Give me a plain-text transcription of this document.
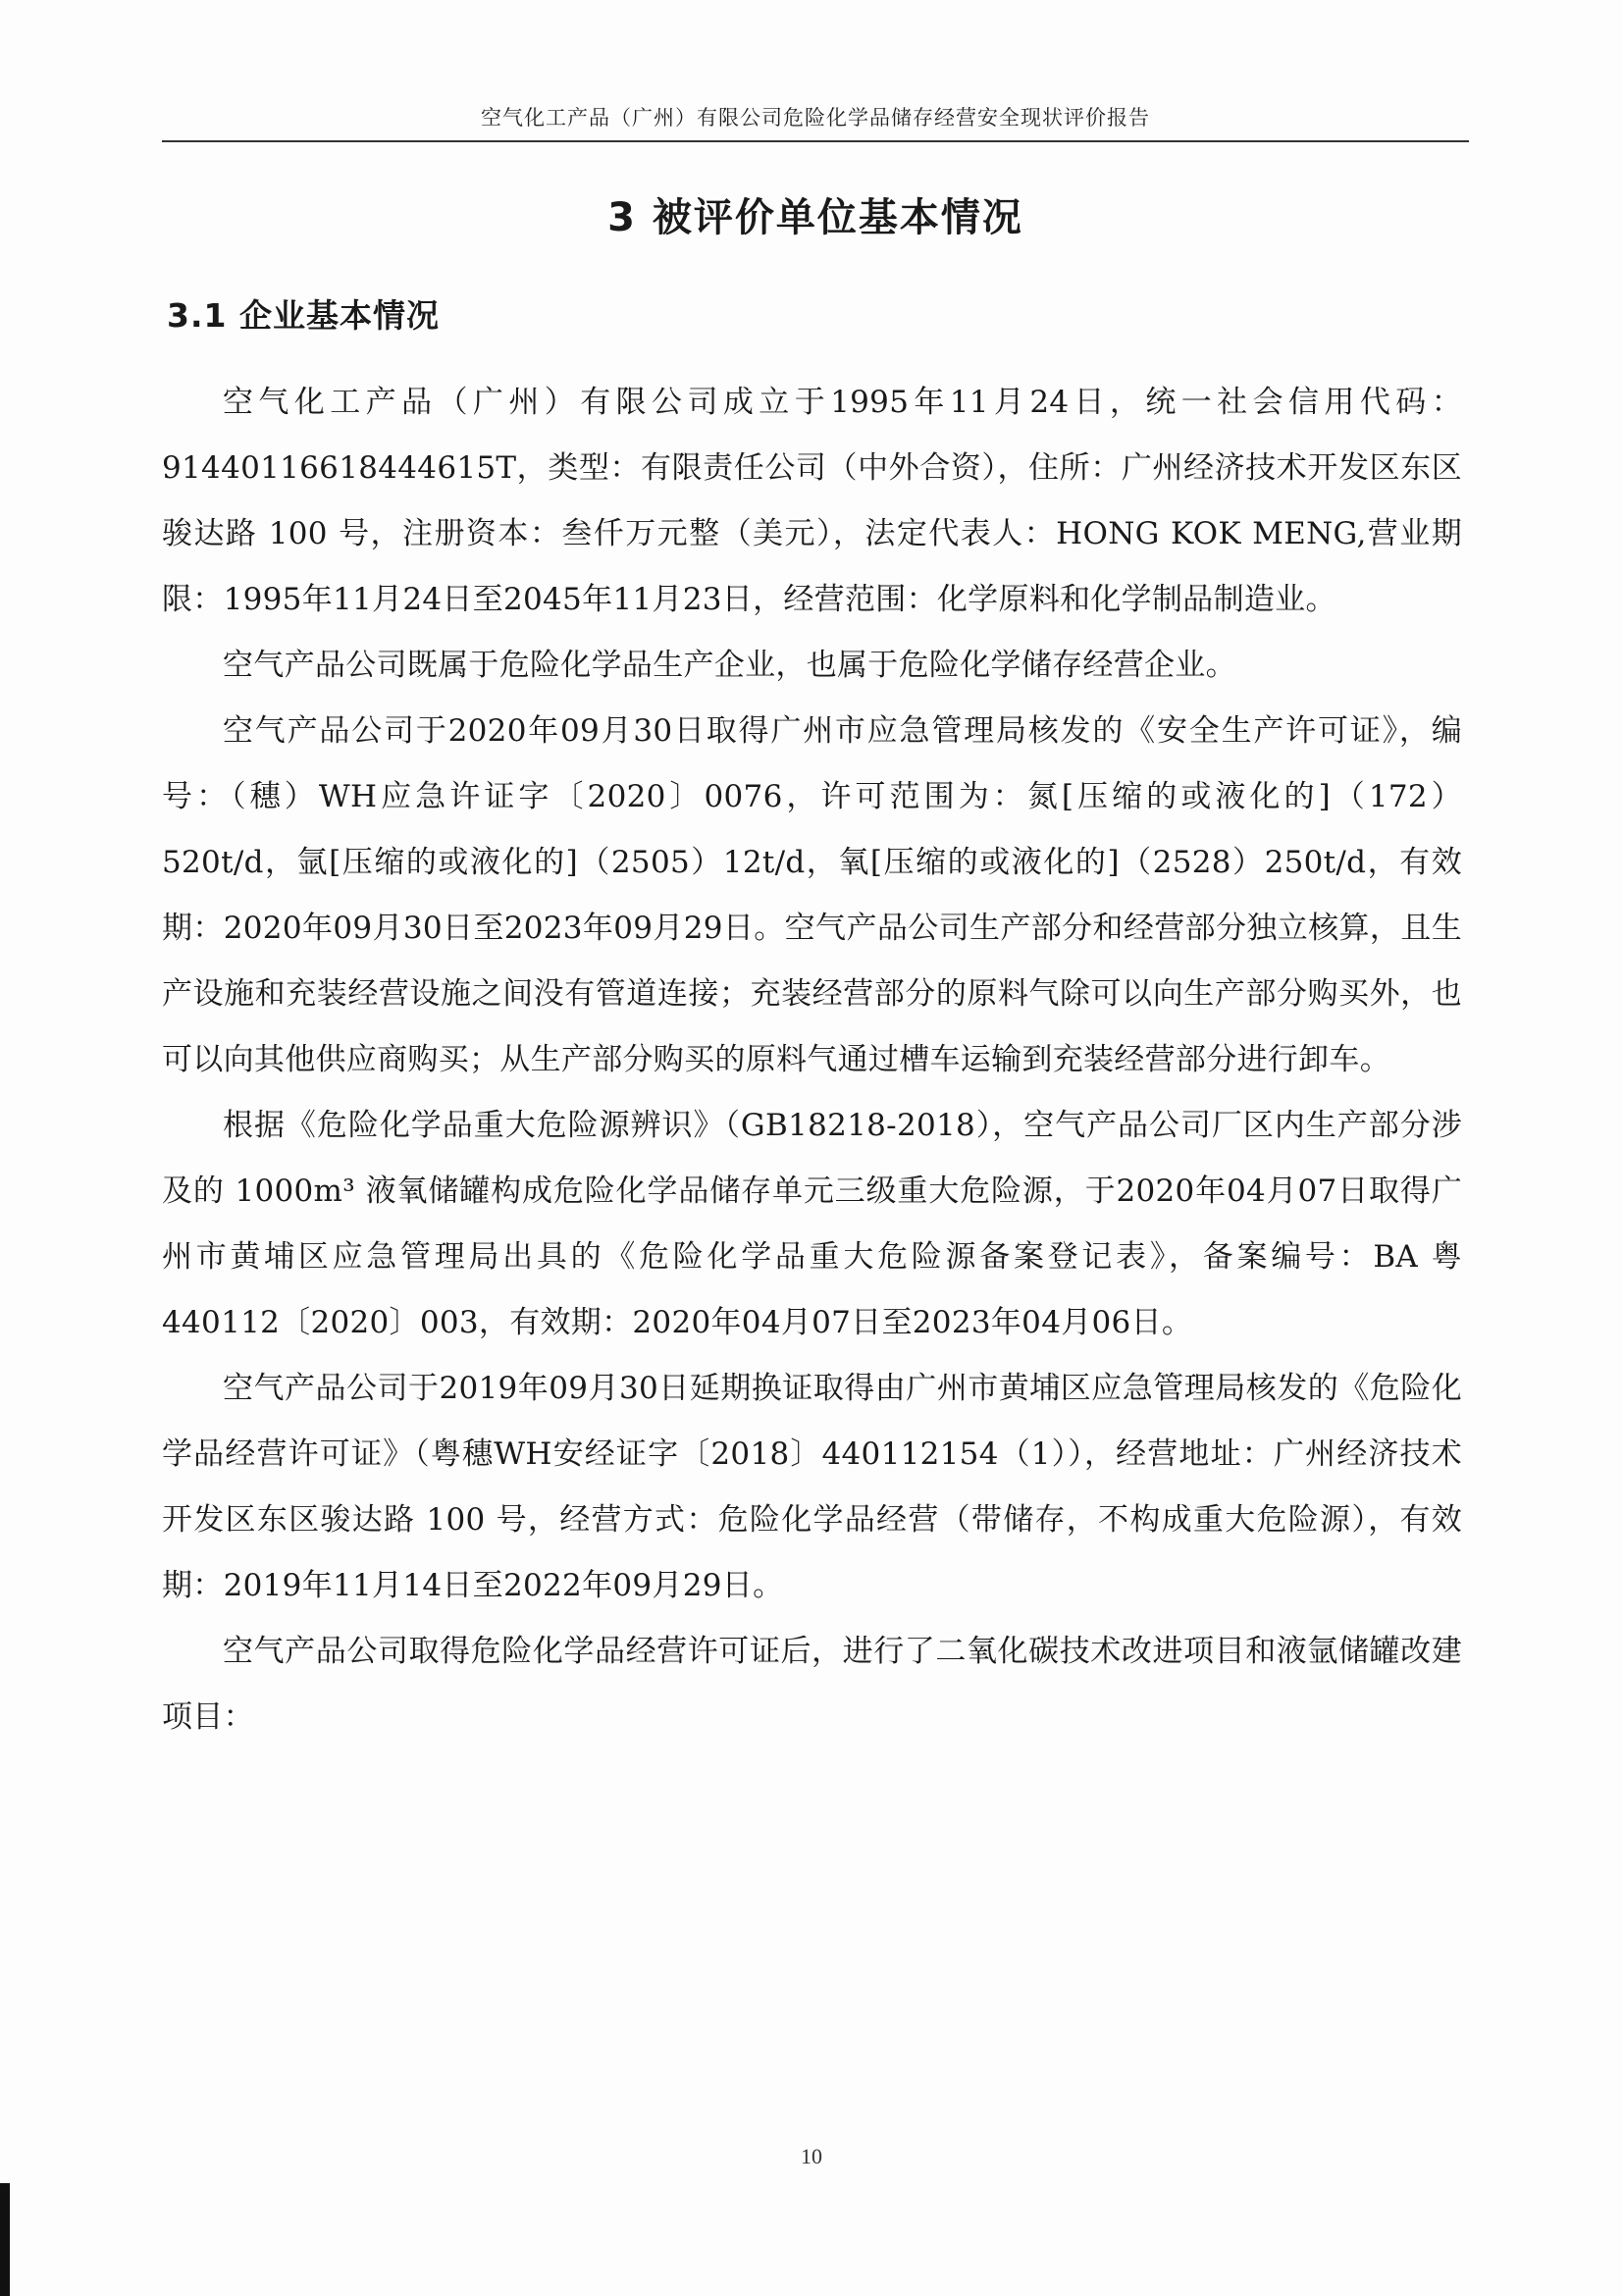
空气化工产品（广州）有限公司危险化学品储存经营安全现状评价报告
3 被评价单位基本情况
3.1 企业基本情况

空气化工产品（广州）有限公司成立于1995年11月24日，统一社会信用代码：91440116618444615T，类型：有限责任公司（中外合资），住所：广州经济技术开发区东区骏达路 100 号，注册资本：叁仟万元整（美元），法定代表人：HONG KOK MENG,营业期限：1995年11月24日至2045年11月23日，经营范围：化学原料和化学制品制造业。

空气产品公司既属于危险化学品生产企业，也属于危险化学储存经营企业。

空气产品公司于2020年09月30日取得广州市应急管理局核发的《安全生产许可证》，编号：（穗）WH应急许证字〔2020〕0076，许可范围为：氮[压缩的或液化的]（172）520t/d，氩[压缩的或液化的]（2505）12t/d，氧[压缩的或液化的]（2528）250t/d，有效期：2020年09月30日至2023年09月29日。空气产品公司生产部分和经营部分独立核算，且生产设施和充装经营设施之间没有管道连接；充装经营部分的原料气除可以向生产部分购买外，也可以向其他供应商购买；从生产部分购买的原料气通过槽车运输到充装经营部分进行卸车。

根据《危险化学品重大危险源辨识》（GB18218-2018），空气产品公司厂区内生产部分涉及的 1000m³ 液氧储罐构成危险化学品储存单元三级重大危险源，于2020年04月07日取得广州市黄埔区应急管理局出具的《危险化学品重大危险源备案登记表》，备案编号：BA 粤 440112〔2020〕003，有效期：2020年04月07日至2023年04月06日。

空气产品公司于2019年09月30日延期换证取得由广州市黄埔区应急管理局核发的《危险化学品经营许可证》（粤穗WH安经证字〔2018〕440112154（1）），经营地址：广州经济技术开发区东区骏达路 100 号，经营方式：危险化学品经营（带储存，不构成重大危险源），有效期：2019年11月14日至2022年09月29日。

空气产品公司取得危险化学品经营许可证后，进行了二氧化碳技术改进项目和液氩储罐改建项目：

10
